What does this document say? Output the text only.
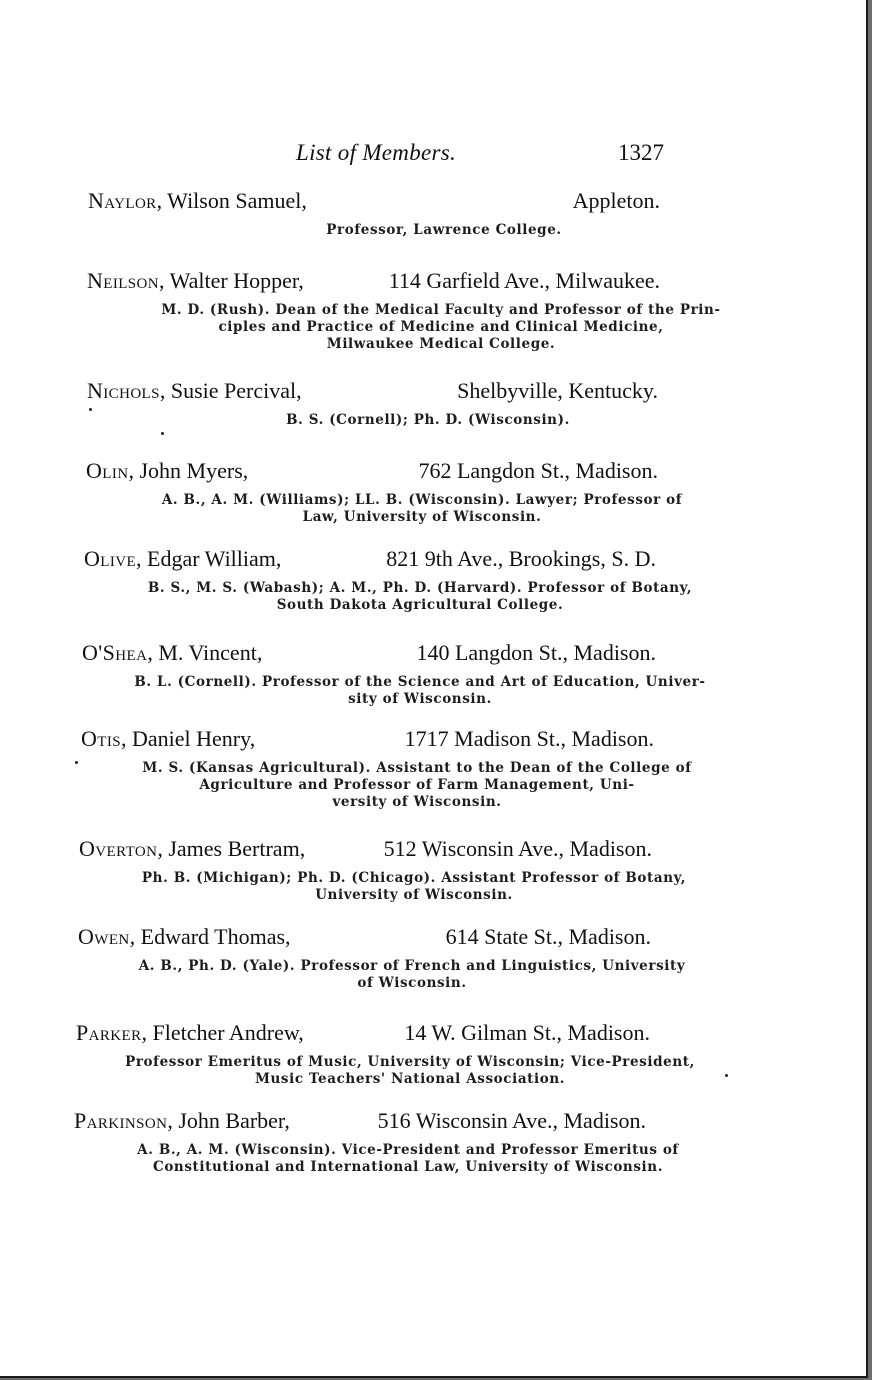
List of Members.	1327
Naylor, Wilson Samuel,	Appleton.
Professor, Lawrence College.
Neilson, Walter Hopper,	114 Garfield Ave., Milwaukee.
M. D. (Rush). Dean of the Medical Faculty and Professor of the Prin-
ciples and Practice of Medicine and Clinical Medicine,
Milwaukee Medical College.
Nichols, Susie Percival,	Shelbyville, Kentucky.
B. S. (Cornell); Ph. D. (Wisconsin).
Olin, John Myers,	762 Langdon St., Madison.
A. B., A. M. (Williams); LL. B. (Wisconsin). Lawyer; Professor of
Law, University of Wisconsin.
Olive, Edgar William,	821 9th Ave., Brookings, S. D.
B. S., M. S. (Wabash); A. M., Ph. D. (Harvard). Professor of Botany,
South Dakota Agricultural College.
O'Shea, M. Vincent,	140 Langdon St., Madison.
B. L. (Cornell). Professor of the Science and Art of Education, Univer-
sity of Wisconsin.
Otis, Daniel Henry,	1717 Madison St., Madison.
M. S. (Kansas Agricultural). Assistant to the Dean of the College of
Agriculture and Professor of Farm Management, Uni-
versity of Wisconsin.
Overton, James Bertram,	512 Wisconsin Ave., Madison.
Ph. B. (Michigan); Ph. D. (Chicago). Assistant Professor of Botany,
University of Wisconsin.
Owen, Edward Thomas,	614 State St., Madison.
A. B., Ph. D. (Yale). Professor of French and Linguistics, University
of Wisconsin.
Parker, Fletcher Andrew,	14 W. Gilman St., Madison.
Professor Emeritus of Music, University of Wisconsin; Vice-President,
Music Teachers' National Association.
Parkinson, John Barber,	516 Wisconsin Ave., Madison.
A. B., A. M. (Wisconsin). Vice-President and Professor Emeritus of
Constitutional and International Law, University of Wisconsin.
